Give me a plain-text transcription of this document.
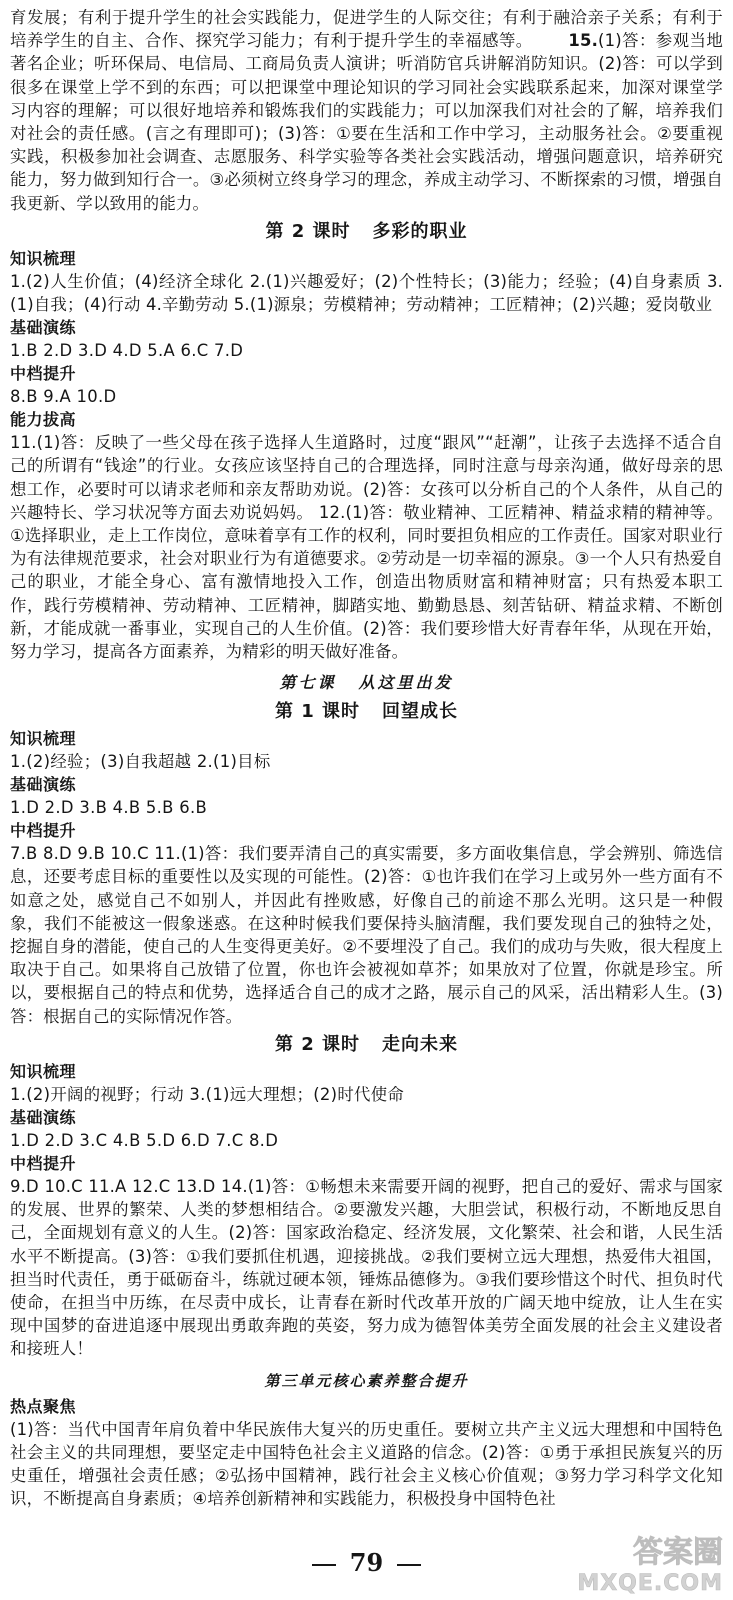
育发展；有利于提升学生的社会实践能力，促进学生的人际交往；有利于融洽亲子关系；有利于培养学生的自主、合作、探究学习能力；有利于提升学生的幸福感等。 15.(1)答：参观当地著名企业；听环保局、电信局、工商局负责人演讲；听消防官兵讲解消防知识。(2)答：可以学到很多在课堂上学不到的东西；可以把课堂中理论知识的学习同社会实践联系起来，加深对课堂学习内容的理解；可以很好地培养和锻炼我们的实践能力；可以加深我们对社会的了解，培养我们对社会的责任感。(言之有理即可)；(3)答：①要在生活和工作中学习，主动服务社会。②要重视实践，积极参加社会调查、志愿服务、科学实验等各类社会实践活动，增强问题意识，培养研究能力，努力做到知行合一。③必须树立终身学习的理念，养成主动学习、不断探索的习惯，增强自我更新、学以致用的能力。

第 2 课时 多彩的职业

知识梳理

1.(2)人生价值；(4)经济全球化 2.(1)兴趣爱好；(2)个性特长；(3)能力；经验；(4)自身素质 3.(1)自我；(4)行动 4.辛勤劳动 5.(1)源泉；劳模精神；劳动精神；工匠精神；(2)兴趣；爱岗敬业

基础演练

1.B 2.D 3.D 4.D 5.A 6.C 7.D

中档提升

8.B 9.A 10.D

能力拔高

11.(1)答：反映了一些父母在孩子选择人生道路时，过度“跟风”“赶潮”，让孩子去选择不适合自己的所谓有“钱途”的行业。女孩应该坚持自己的合理选择，同时注意与母亲沟通，做好母亲的思想工作，必要时可以请求老师和亲友帮助劝说。(2)答：女孩可以分析自己的个人条件，从自己的兴趣特长、学习状况等方面去劝说妈妈。 12.(1)答：敬业精神、工匠精神、精益求精的精神等。①选择职业，走上工作岗位，意味着享有工作的权利，同时要担负相应的工作责任。国家对职业行为有法律规范要求，社会对职业行为有道德要求。②劳动是一切幸福的源泉。③一个人只有热爱自己的职业，才能全身心、富有激情地投入工作，创造出物质财富和精神财富；只有热爱本职工作，践行劳模精神、劳动精神、工匠精神，脚踏实地、勤勤恳恳、刻苦钻研、精益求精、不断创新，才能成就一番事业，实现自己的人生价值。(2)答：我们要珍惜大好青春年华，从现在开始，努力学习，提高各方面素养，为精彩的明天做好准备。

第七课 从这里出发
第 1 课时 回望成长

知识梳理

1.(2)经验；(3)自我超越 2.(1)目标

基础演练

1.D 2.D 3.B 4.B 5.B 6.B

中档提升

7.B 8.D 9.B 10.C 11.(1)答：我们要弄清自己的真实需要，多方面收集信息，学会辨别、筛选信息，还要考虑目标的重要性以及实现的可能性。(2)答：①也许我们在学习上或另外一些方面有不如意之处，感觉自己不如别人，并因此有挫败感，好像自己的前途不那么光明。这只是一种假象，我们不能被这一假象迷惑。在这种时候我们要保持头脑清醒，我们要发现自己的独特之处，挖掘自身的潜能，使自己的人生变得更美好。②不要埋没了自己。我们的成功与失败，很大程度上取决于自己。如果将自己放错了位置，你也许会被视如草芥；如果放对了位置，你就是珍宝。所以，要根据自己的特点和优势，选择适合自己的成才之路，展示自己的风采，活出精彩人生。(3)答：根据自己的实际情况作答。

第 2 课时 走向未来

知识梳理

1.(2)开阔的视野；行动 3.(1)远大理想；(2)时代使命

基础演练

1.D 2.D 3.C 4.B 5.D 6.D 7.C 8.D

中档提升

9.D 10.C 11.A 12.C 13.D 14.(1)答：①畅想未来需要开阔的视野，把自己的爱好、需求与国家的发展、世界的繁荣、人类的梦想相结合。②要激发兴趣，大胆尝试，积极行动，不断地反思自己，全面规划有意义的人生。(2)答：国家政治稳定、经济发展，文化繁荣、社会和谐，人民生活水平不断提高。(3)答：①我们要抓住机遇，迎接挑战。②我们要树立远大理想，热爱伟大祖国，担当时代责任，勇于砥砺奋斗，练就过硬本领，锤炼品德修为。③我们要珍惜这个时代、担负时代使命，在担当中历练，在尽责中成长，让青春在新时代改革开放的广阔天地中绽放，让人生在实现中国梦的奋进追逐中展现出勇敢奔跑的英姿，努力成为德智体美劳全面发展的社会主义建设者和接班人！

第三单元核心素养整合提升

热点聚焦

(1)答：当代中国青年肩负着中华民族伟大复兴的历史重任。要树立共产主义远大理想和中国特色社会主义的共同理想，要坚定走中国特色社会主义道路的信念。(2)答：①勇于承担民族复兴的历史重任，增强社会责任感；②弘扬中国精神，践行社会主义核心价值观；③努力学习科学文化知识，不断提高自身素质；④培养创新精神和实践能力，积极投身中国特色社

79	答案圈
MXQE.COM
